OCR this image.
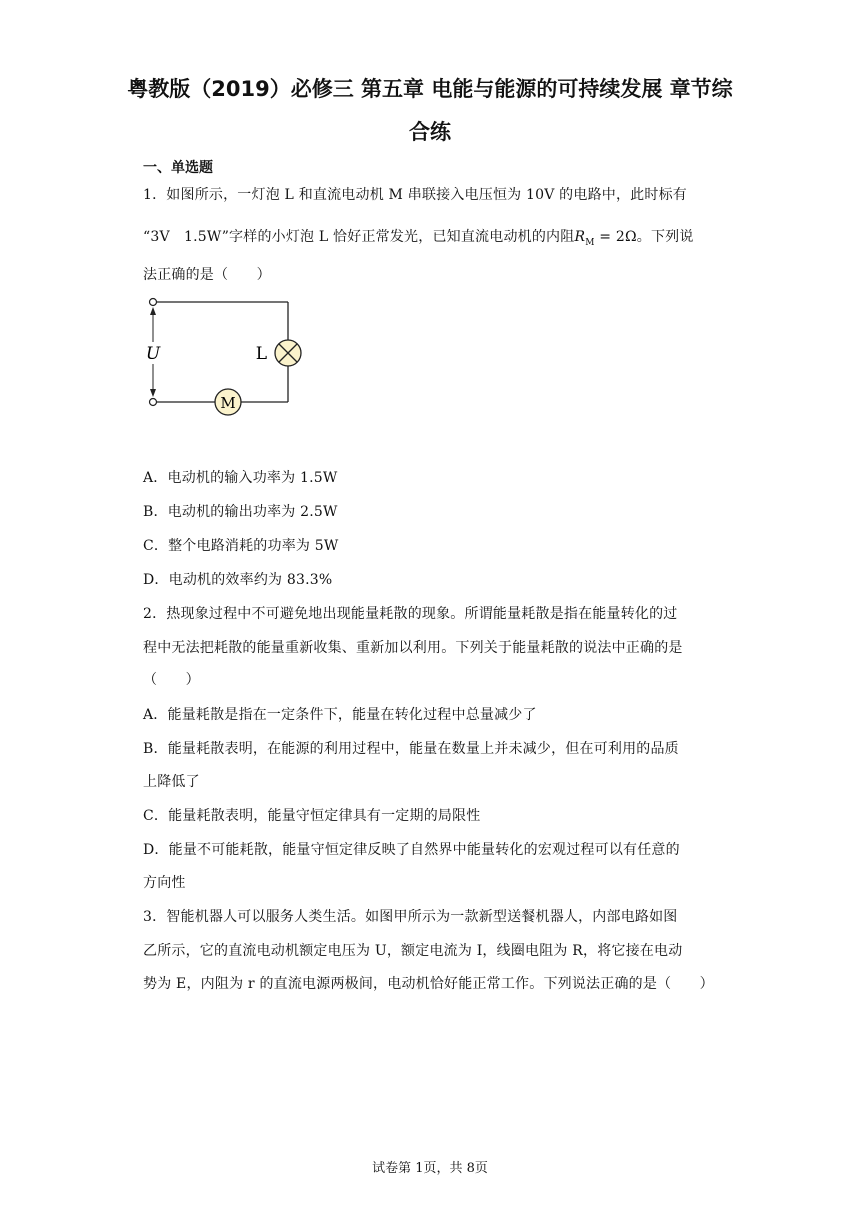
粤教版（2019）必修三 第五章 电能与能源的可持续发展 章节综合练
一、单选题
1．如图所示，一灯泡 L 和直流电动机 M 串联接入电压恒为 10V 的电路中，此时标有
“3V　1.5W”字样的小灯泡 L 恰好正常发光，已知直流电动机的内阻$R_M = 2\Omega$。下列说
法正确的是（　　）
U	L
M
A．电动机的输入功率为 1.5W
B．电动机的输出功率为 2.5W
C．整个电路消耗的功率为 5W
D．电动机的效率约为 83.3%
2．热现象过程中不可避免地出现能量耗散的现象。所谓能量耗散是指在能量转化的过
程中无法把耗散的能量重新收集、重新加以利用。下列关于能量耗散的说法中正确的是
（　　）
A．能量耗散是指在一定条件下，能量在转化过程中总量减少了
B．能量耗散表明，在能源的利用过程中，能量在数量上并未减少，但在可利用的品质
上降低了
C．能量耗散表明，能量守恒定律具有一定期的局限性
D．能量不可能耗散，能量守恒定律反映了自然界中能量转化的宏观过程可以有任意的
方向性
3．智能机器人可以服务人类生活。如图甲所示为一款新型送餐机器人，内部电路如图
乙所示，它的直流电动机额定电压为 U，额定电流为 I，线圈电阻为 R，将它接在电动
势为 E，内阻为 r 的直流电源两极间，电动机恰好能正常工作。下列说法正确的是（　　）
试卷第 1页，共 8页
